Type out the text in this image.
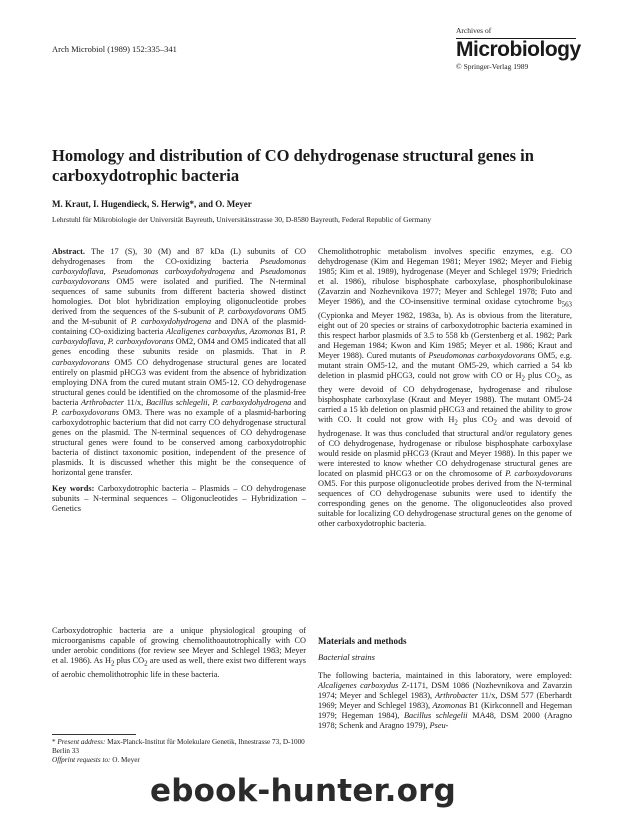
Arch Microbiol (1989) 152:335–341
Archives of
Microbiology
© Springer-Verlag 1989
Homology and distribution of CO dehydrogenase structural genes in carboxydotrophic bacteria
M. Kraut, I. Hugendieck, S. Herwig*, and O. Meyer
Lehrstuhl für Mikrobiologie der Universität Bayreuth, Universitätsstrasse 30, D-8580 Bayreuth, Federal Republic of Germany

Abstract. The 17 (S), 30 (M) and 87 kDa (L) subunits of CO dehydrogenases from the CO-oxidizing bacteria Pseudomonas carboxydoflava, Pseudomonas carboxydohydrogena and Pseudomonas carboxydovorans OM5 were isolated and purified. The N-terminal sequences of same subunits from different bacteria showed distinct homologies. Dot blot hybridization employing oligonucleotide probes derived from the sequences of the S-subunit of P. carboxydovorans OM5 and the M-subunit of P. carboxydohydrogena and DNA of the plasmid-containing CO-oxidizing bacteria Alcaligenes carboxydus, Azomonas B1, P. carboxydoflava, P. carboxydovorans OM2, OM4 and OM5 indicated that all genes encoding these subunits reside on plasmids. That in P. carboxydovorans OM5 CO dehydrogenase structural genes are located entirely on plasmid pHCG3 was evident from the absence of hybridization employing DNA from the cured mutant strain OM5-12. CO dehydrogenase structural genes could be identified on the chromosome of the plasmid-free bacteria Arthrobacter 11/x, Bacillus schlegelii, P. carboxydohydrogena and P. carboxydovorans OM3. There was no example of a plasmid-harboring carboxydotrophic bacterium that did not carry CO dehydrogenase structural genes on the plasmid. The N-terminal sequences of CO dehydrogenase structural genes were found to be conserved among carboxydotrophic bacteria of distinct taxonomic position, independent of the presence of plasmids. It is discussed whether this might be the consequence of horizontal gene transfer.

Key words: Carboxydotrophic bacteria – Plasmids – CO dehydrogenase subunits – N-terminal sequences – Oligonucleotides – Hybridization – Genetics

Carboxydotrophic bacteria are a unique physiological grouping of microorganisms capable of growing chemolithoautotrophically with CO under aerobic conditions (for review see Meyer and Schlegel 1983; Meyer et al. 1986). As $H_2$ plus $CO_2$ are used as well, there exist two different ways of aerobic chemolithotrophic life in these bacteria.

* Present address: Max-Planck-Institut für Molekulare Genetik, Ihnestrasse 73, D-1000 Berlin 33
Offprint requests to: O. Meyer

Chemolithotrophic metabolism involves specific enzymes, e.g. CO dehydrogenase (Kim and Hegeman 1981; Meyer 1982; Meyer and Fiebig 1985; Kim et al. 1989), hydrogenase (Meyer and Schlegel 1979; Friedrich et al. 1986), ribulose bisphosphate carboxylase, phosphoribulokinase (Zavarzin and Nozhevnikova 1977; Meyer and Schlegel 1978; Futo and Meyer 1986), and the CO-insensitive terminal oxidase cytochrome $b_{563}$ (Cypionka and Meyer 1982, 1983a, b). As is obvious from the literature, eight out of 20 species or strains of carboxydotrophic bacteria examined in this respect harbor plasmids of 3.5 to 558 kb (Gerstenberg et al. 1982; Park and Hegeman 1984; Kwon and Kim 1985; Meyer et al. 1986; Kraut and Meyer 1988). Cured mutants of Pseudomonas carboxydovorans OM5, e.g. mutant strain OM5-12, and the mutant OM5-29, which carried a 54 kb deletion in plasmid pHCG3, could not grow with CO or $H_2$ plus $CO_2$, as they were devoid of CO dehydrogenase, hydrogenase and ribulose bisphosphate carboxylase (Kraut and Meyer 1988). The mutant OM5-24 carried a 15 kb deletion on plasmid pHCG3 and retained the ability to grow with CO. It could not grow with $H_2$ plus $CO_2$ and was devoid of hydrogenase. It was thus concluded that structural and/or regulatory genes of CO dehydrogenase, hydrogenase or ribulose bisphosphate carboxylase would reside on plasmid pHCG3 (Kraut and Meyer 1988). In this paper we were interested to know whether CO dehydrogenase structural genes are located on plasmid pHCG3 or on the chromosome of P. carboxydovorans OM5. For this purpose oligonucleotide probes derived from the N-terminal sequences of CO dehydrogenase subunits were used to identify the corresponding genes on the genome. The oligonucleotides also proved suitable for localizing CO dehydrogenase structural genes on the genome of other carboxydotrophic bacteria.

Materials and methods
Bacterial strains

The following bacteria, maintained in this laboratory, were employed: Alcaligenes carboxydus Z-1171, DSM 1086 (Nozhevnikova and Zavarzin 1974; Meyer and Schlegel 1983), Arthrobacter 11/x, DSM 577 (Eberhardt 1969; Meyer and Schlegel 1983), Azomonas B1 (Kirkconnell and Hegeman 1979; Hegeman 1984), Bacillus schlegelii MA48, DSM 2000 (Aragno 1978; Schenk and Aragno 1979), Pseu-

ebook-hunter.org
